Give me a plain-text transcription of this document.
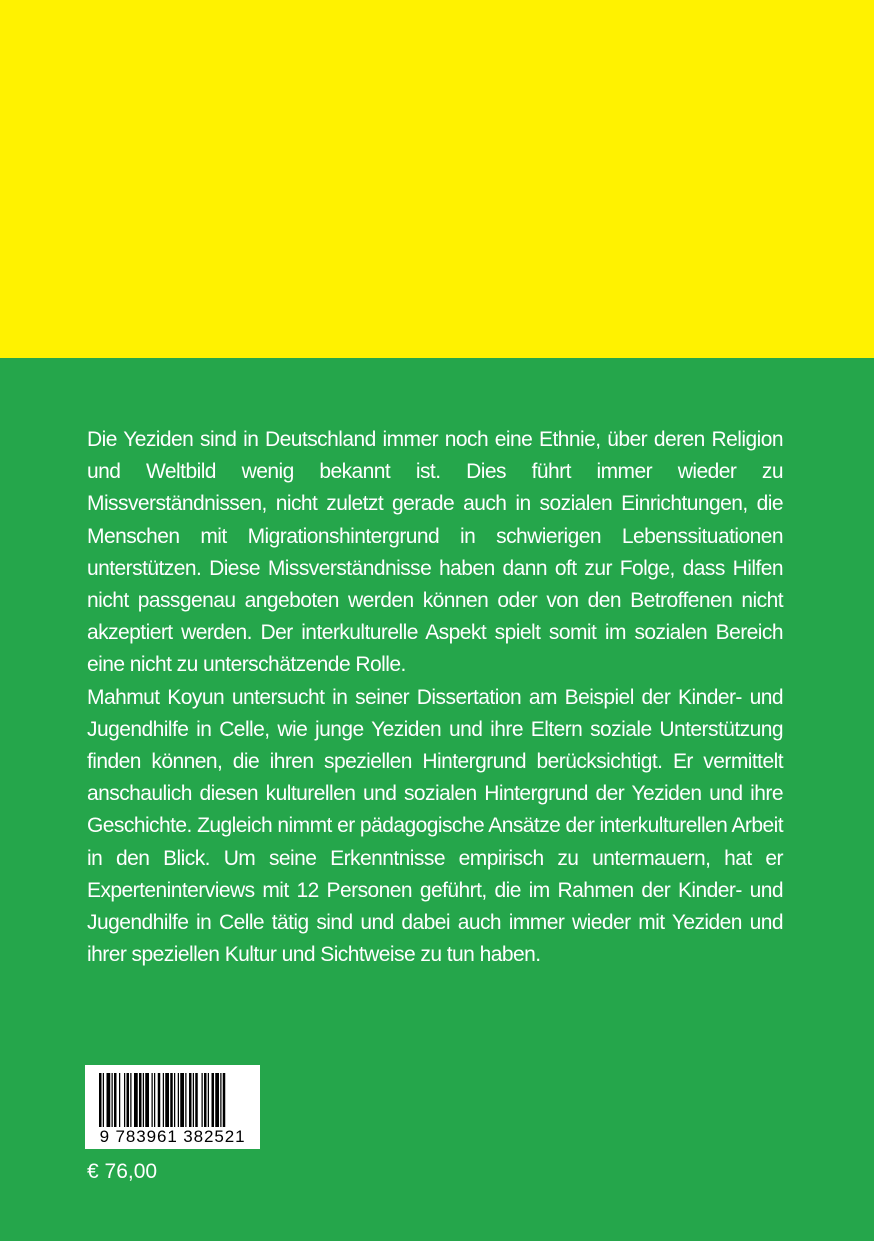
Die Yeziden sind in Deutschland immer noch eine Ethnie, über deren Religion und Weltbild wenig bekannt ist. Dies führt immer wieder zu Missverständnissen, nicht zuletzt gerade auch in sozialen Einrichtungen, die Menschen mit Migrationshintergrund in schwierigen Lebenssituationen unterstützen. Diese Missverständnisse haben dann oft zur Folge, dass Hilfen nicht passgenau angeboten werden können oder von den Betroffenen nicht akzeptiert werden. Der interkulturelle Aspekt spielt somit im sozialen Bereich eine nicht zu unterschätzende Rolle.

Mahmut Koyun untersucht in seiner Dissertation am Beispiel der Kinder- und Jugendhilfe in Celle, wie junge Yeziden und ihre Eltern soziale Unterstützung finden können, die ihren speziellen Hintergrund berücksichtigt. Er vermittelt anschaulich diesen kulturellen und sozialen Hintergrund der Yeziden und ihre Geschichte. Zugleich nimmt er pädagogische Ansätze der interkulturellen Arbeit in den Blick. Um seine Erkenntnisse empirisch zu untermauern, hat er Experteninterviews mit 12 Personen geführt, die im Rahmen der Kinder- und Jugendhilfe in Celle tätig sind und dabei auch immer wieder mit Yeziden und ihrer speziellen Kultur und Sichtweise zu tun haben.

9 783961 382521
€ 76,00
